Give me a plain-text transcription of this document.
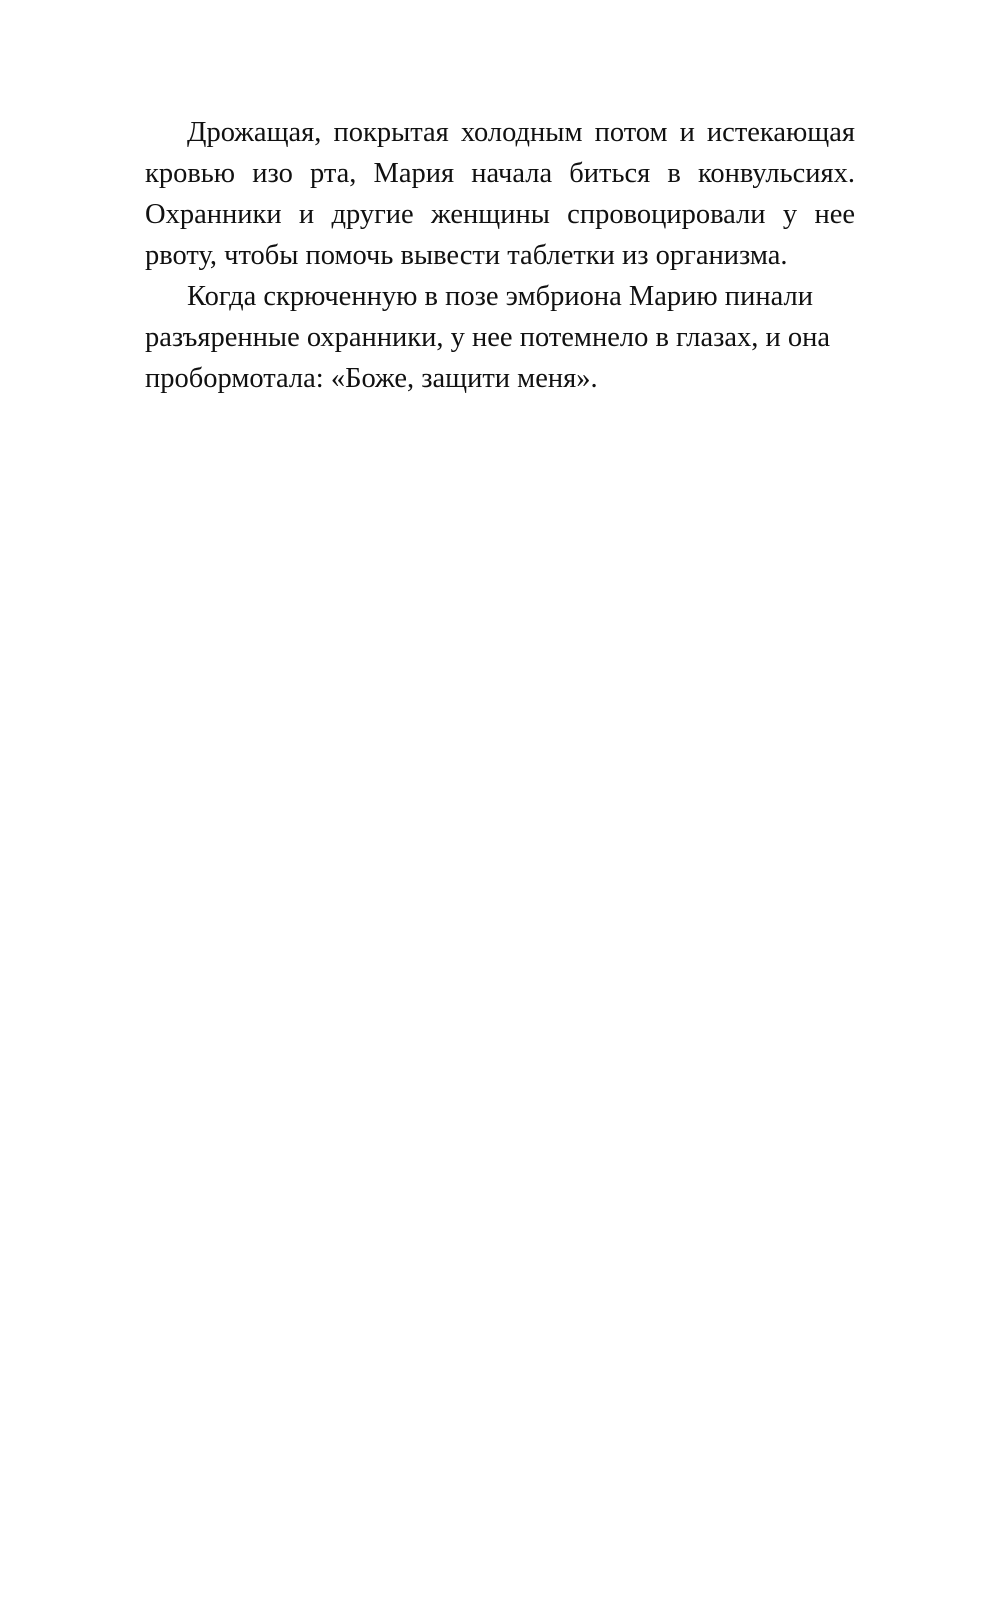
Дрожащая, покрытая холодным потом и истекающая кровью изо рта, Мария начала биться в конвульсиях. Охранники и другие женщины спровоцировали у нее рвоту, чтобы помочь вывести таблетки из организма.

Когда скрюченную в позе эмбриона Марию пинали разъяренные охранники, у нее потемнело в глазах, и она пробормотала: «Боже, защити меня».
